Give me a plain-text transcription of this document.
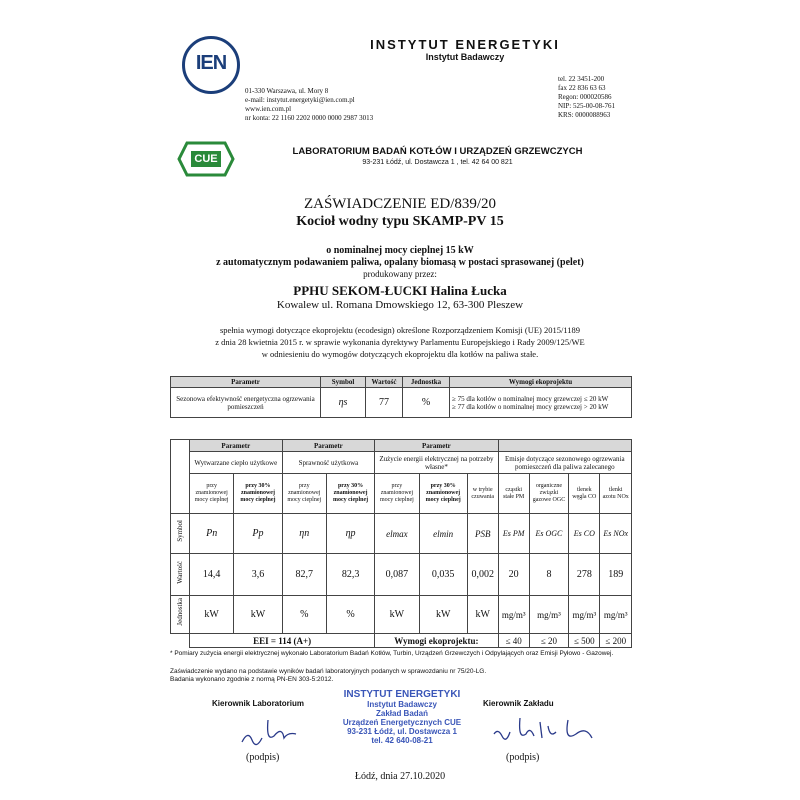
IEN
INSTYTUT ENERGETYKI
Instytut Badawczy
01-330 Warszawa, ul. Mory 8
e-mail: instytut.energetyki@ien.com.pl
www.ien.com.pl
nr konta: 22 1160 2202 0000 0000 2987 3013
tel. 22 3451-200
fax 22 836 63 63
Regon: 000020586
NIP: 525-00-08-761
KRS: 0000088963
CUE
LABORATORIUM BADAŃ KOTŁÓW I URZĄDZEŃ GRZEWCZYCH
93-231 Łódź, ul. Dostawcza 1 , tel. 42 64 00 821
ZAŚWIADCZENIE ED/839/20
Kocioł wodny typu SKAMP-PV 15
o nominalnej mocy cieplnej 15 kW
z automatycznym podawaniem paliwa, opalany biomasą w postaci sprasowanej (pelet)
produkowany przez:
PPHU SEKOM-ŁUCKI Halina Łucka
Kowalew ul. Romana Dmowskiego 12, 63-300 Pleszew
spełnia wymogi dotyczące ekoprojektu (ecodesign) określone Rozporządzeniem Komisji (UE) 2015/1189
z dnia 28 kwietnia 2015 r. w sprawie wykonania dyrektywy Parlamentu Europejskiego i Rady 2009/125/WE
w odniesieniu do wymogów dotyczących ekoprojektu dla kotłów na paliwa stałe.
Parametr	Symbol	Wartość	Jednostka	Wymogi ekoprojektu
Sezonowa efektywność energetyczna ogrzewania pomieszczeń	ηs	77	%	≥ 75 dla kotłów o nominalnej mocy grzewczej ≤ 20 kW
≥ 77 dla kotłów o nominalnej mocy grzewczej > 20 kW
	Parametr		Parametr		Parametr						
	Wytwarzane ciepło użytkowe		Sprawność użytkowa		Zużycie energii elektrycznej na potrzeby własne*			Emisje dotyczące sezonowego ogrzewania pomieszczeń dla paliwa zalecanego			
	przy znamionowej mocy cieplnej	przy 30% znamionowej mocy cieplnej	przy znamionowej mocy cieplnej	przy 30% znamionowej mocy cieplnej	przy znamionowej mocy cieplnej	przy 30% znamionowej mocy cieplnej	w trybie czuwania	cząstki stałe PM	organiczne związki gazowe OGC	tlenek węgla CO	tlenki azotu NOx
Symbol	Pn	Pp	ηn	ηp	elmax	elmin	PSB	Es PM	Es OGC	Es CO	Es NOx
Wartość	14,4	3,6	82,7	82,3	0,087	0,035	0,002	20	8	278	189
Jednostka	kW	kW	%	%	kW	kW	kW	mg/m³	mg/m³	mg/m³	mg/m³
	EEI = 114 (A+)				Wymogi ekoprojektu:			≤ 40	≤ 20	≤ 500	≤ 200
* Pomiary zużycia energii elektrycznej wykonało Laboratorium Badań Kotłów, Turbin, Urządzeń Grzewczych i Odpylających oraz Emisji Pyłowo - Gazowej.
Zaświadczenie wydano na podstawie wyników badań laboratoryjnych podanych w sprawozdaniu nr 75/20-LG.
Badania wykonano zgodnie z normą PN-EN 303-5:2012.
Kierownik Laboratorium	Kierownik Zakładu
INSTYTUT ENERGETYKI
Instytut Badawczy
Zakład Badań
Urządzeń Energetycznych CUE
93-231 Łódź, ul. Dostawcza 1
tel. 42 640-08-21
(podpis)	(podpis)
Łódź, dnia 27.10.2020
